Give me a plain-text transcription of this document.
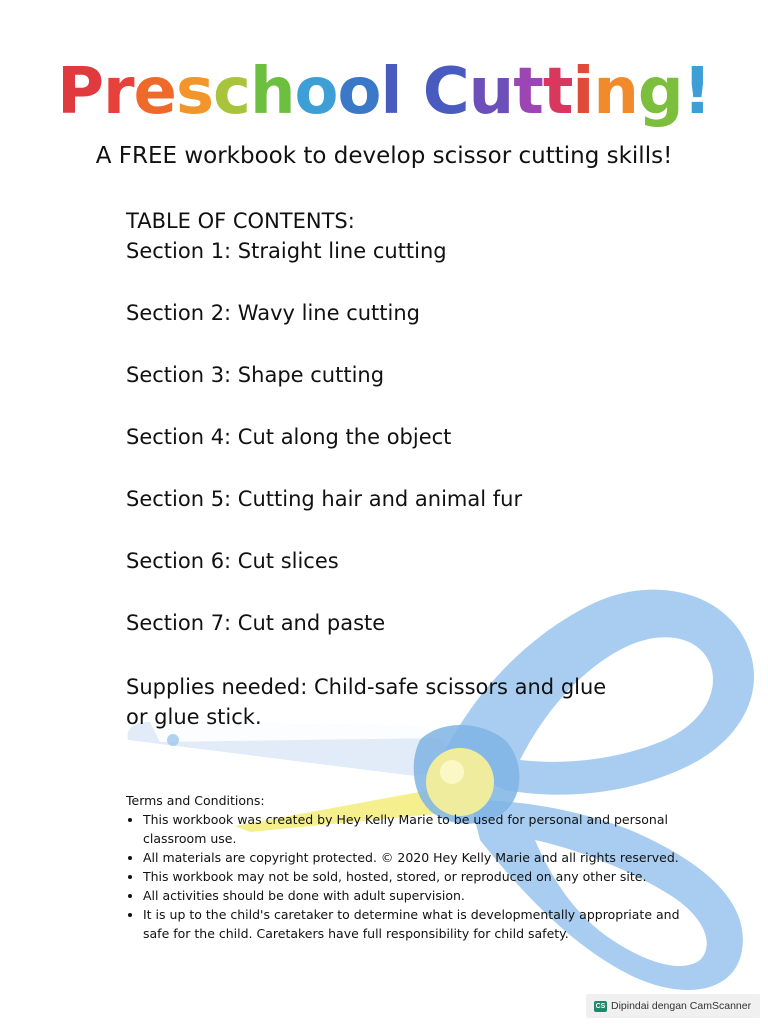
Preschool Cutting!
A FREE workbook to develop scissor cutting skills!
TABLE OF CONTENTS:
Section 1: Straight line cutting
Section 2: Wavy line cutting
Section 3: Shape cutting
Section 4: Cut along the object
Section 5: Cutting hair and animal fur
Section 6: Cut slices
Section 7: Cut and paste
Supplies needed: Child-safe scissors and glue or glue stick.
Terms and Conditions:
• This workbook was created by Hey Kelly Marie to be used for personal and personal classroom use.
• All materials are copyright protected. © 2020 Hey Kelly Marie and all rights reserved.
• This workbook may not be sold, hosted, stored, or reproduced on any other site.
• All activities should be done with adult supervision.
• It is up to the child's caretaker to determine what is developmentally appropriate and safe for the child. Caretakers have full responsibility for child safety.
CS Dipindai dengan CamScanner
